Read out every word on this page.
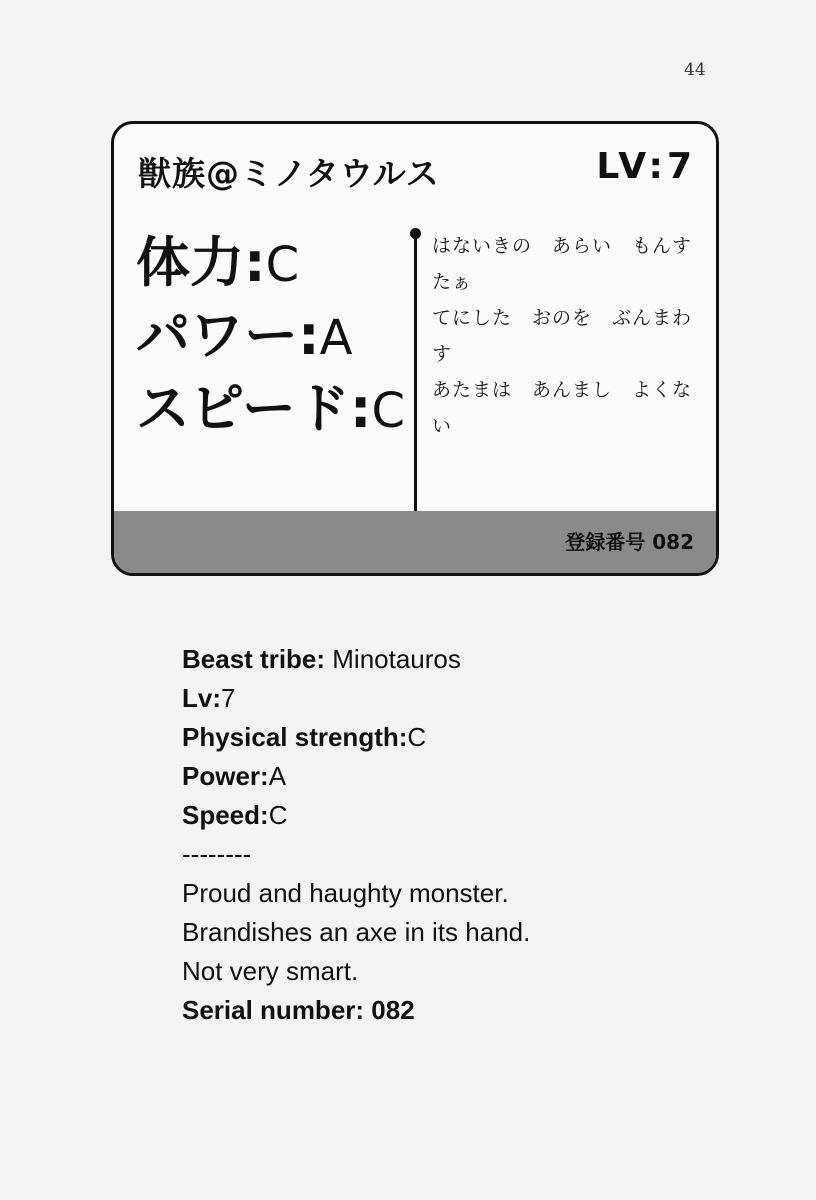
44
獣族@ミノタウルス	LV:7
体力:C
パワー:A
スピード:C
はないきの　あらい　もんすたぁ
てにした　おのを　ぶんまわす
あたまは　あんまし　よくない
登録番号 082
Beast tribe: Minotauros
Lv:7
Physical strength:C
Power:A
Speed:C
--------
Proud and haughty monster.
Brandishes an axe in its hand.
Not very smart.
Serial number: 082
